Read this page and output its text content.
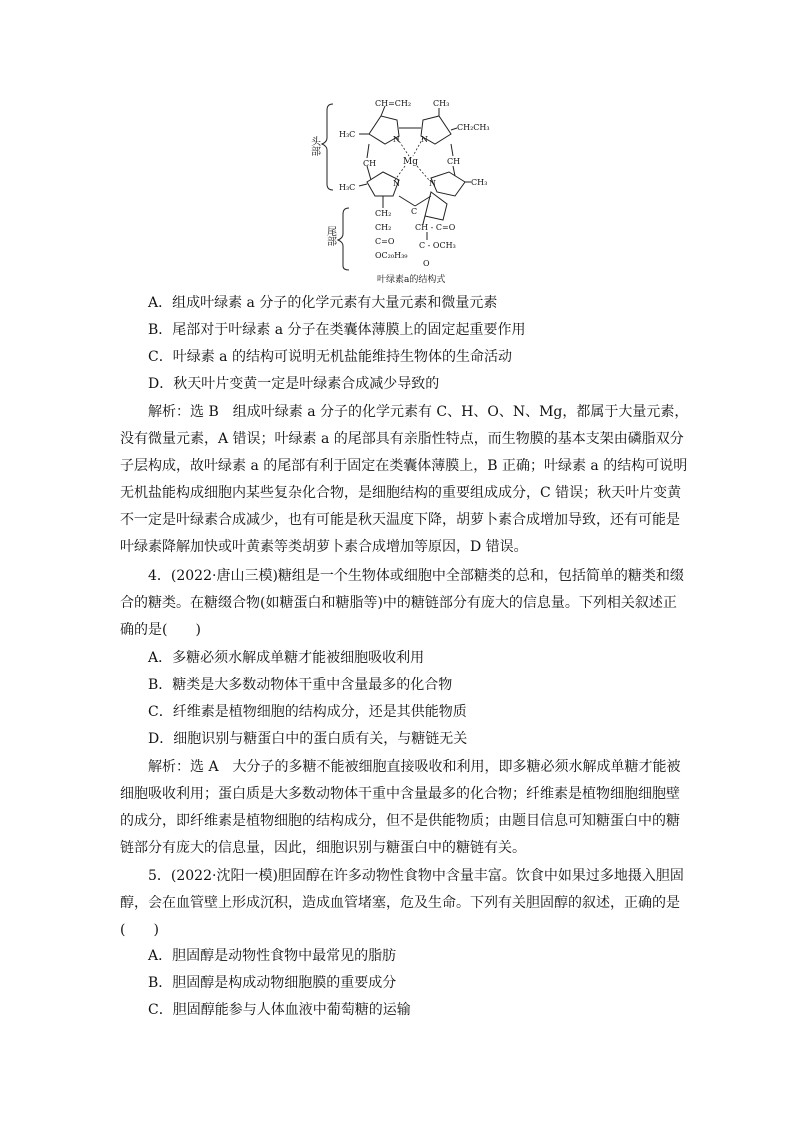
头部
尾部
CH=CH₂	CH₃
H₃C
CH₂CH₃
N	N
CH	CH
Mg
N	N
H₃C
CH₃
C
CH₂
CH₂
C=O
OC₂₀H₃₉
CH - C=O
C - OCH₃
O
叶绿素a的结构式
A．组成叶绿素 a 分子的化学元素有大量元素和微量元素
B．尾部对于叶绿素 a 分子在类囊体薄膜上的固定起重要作用
C．叶绿素 a 的结构可说明无机盐能维持生物体的生命活动
D．秋天叶片变黄一定是叶绿素合成减少导致的
解析：选 B　组成叶绿素 a 分子的化学元素有 C、H、O、N、Mg，都属于大量元素，
没有微量元素，A 错误；叶绿素 a 的尾部具有亲脂性特点，而生物膜的基本支架由磷脂双分
子层构成，故叶绿素 a 的尾部有利于固定在类囊体薄膜上，B 正确；叶绿素 a 的结构可说明
无机盐能构成细胞内某些复杂化合物，是细胞结构的重要组成成分，C 错误；秋天叶片变黄
不一定是叶绿素合成减少，也有可能是秋天温度下降，胡萝卜素合成增加导致，还有可能是
叶绿素降解加快或叶黄素等类胡萝卜素合成增加等原因，D 错误。
4．(2022·唐山三模)糖组是一个生物体或细胞中全部糖类的总和，包括简单的糖类和缀
合的糖类。在糖缀合物(如糖蛋白和糖脂等)中的糖链部分有庞大的信息量。下列相关叙述正
确的是(　　)
A．多糖必须水解成单糖才能被细胞吸收利用
B．糖类是大多数动物体干重中含量最多的化合物
C．纤维素是植物细胞的结构成分，还是其供能物质
D．细胞识别与糖蛋白中的蛋白质有关，与糖链无关
解析：选 A　大分子的多糖不能被细胞直接吸收和利用，即多糖必须水解成单糖才能被
细胞吸收利用；蛋白质是大多数动物体干重中含量最多的化合物；纤维素是植物细胞细胞壁
的成分，即纤维素是植物细胞的结构成分，但不是供能物质；由题目信息可知糖蛋白中的糖
链部分有庞大的信息量，因此，细胞识别与糖蛋白中的糖链有关。
5．(2022·沈阳一模)胆固醇在许多动物性食物中含量丰富。饮食中如果过多地摄入胆固
醇，会在血管壁上形成沉积，造成血管堵塞，危及生命。下列有关胆固醇的叙述，正确的是
(　　)
A．胆固醇是动物性食物中最常见的脂肪
B．胆固醇是构成动物细胞膜的重要成分
C．胆固醇能参与人体血液中葡萄糖的运输
